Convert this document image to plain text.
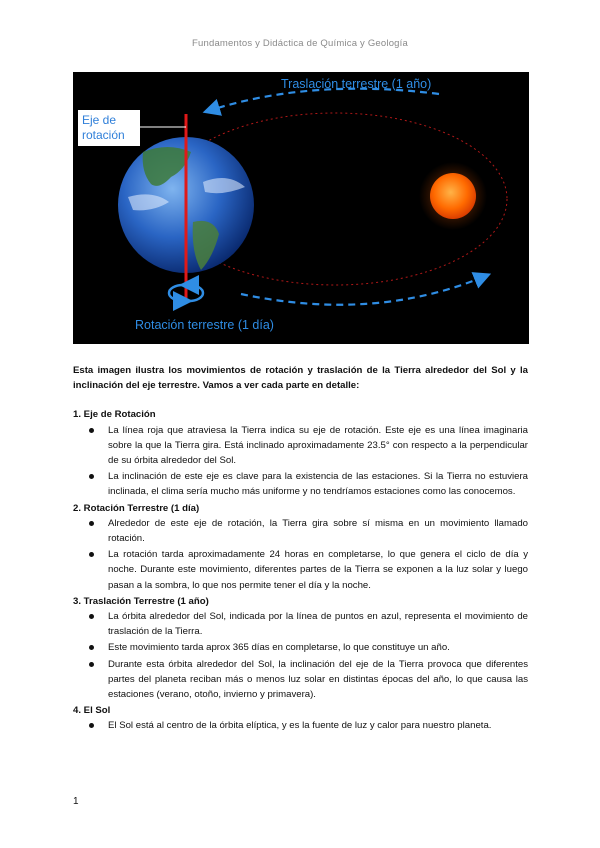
Fundamentos y Didáctica de Química y Geología
Traslación terrestre (1 año)
Rotación terrestre (1 día)
Eje de
rotación

Esta imagen ilustra los movimientos de rotación y traslación de la Tierra alrededor del Sol y la inclinación del eje terrestre. Vamos a ver cada parte en detalle:

1. Eje de Rotación

La línea roja que atraviesa la Tierra indica su eje de rotación. Este eje es una línea imaginaria sobre la que la Tierra gira. Está inclinado aproximadamente 23.5° con respecto a la perpendicular de su órbita alrededor del Sol.
La inclinación de este eje es clave para la existencia de las estaciones. Si la Tierra no estuviera inclinada, el clima sería mucho más uniforme y no tendríamos estaciones como las conocemos.

2. Rotación Terrestre (1 día)

Alrededor de este eje de rotación, la Tierra gira sobre sí misma en un movimiento llamado rotación.
La rotación tarda aproximadamente 24 horas en completarse, lo que genera el ciclo de día y noche. Durante este movimiento, diferentes partes de la Tierra se exponen a la luz solar y luego pasan a la sombra, lo que nos permite tener el día y la noche.

3. Traslación Terrestre (1 año)

La órbita alrededor del Sol, indicada por la línea de puntos en azul, representa el movimiento de traslación de la Tierra.
Este movimiento tarda aprox 365 días en completarse, lo que constituye un año.
Durante esta órbita alrededor del Sol, la inclinación del eje de la Tierra provoca que diferentes partes del planeta reciban más o menos luz solar en distintas épocas del año, lo que causa las estaciones (verano, otoño, invierno y primavera).

4. El Sol

El Sol está al centro de la órbita elíptica, y es la fuente de luz y calor para nuestro planeta.
1
